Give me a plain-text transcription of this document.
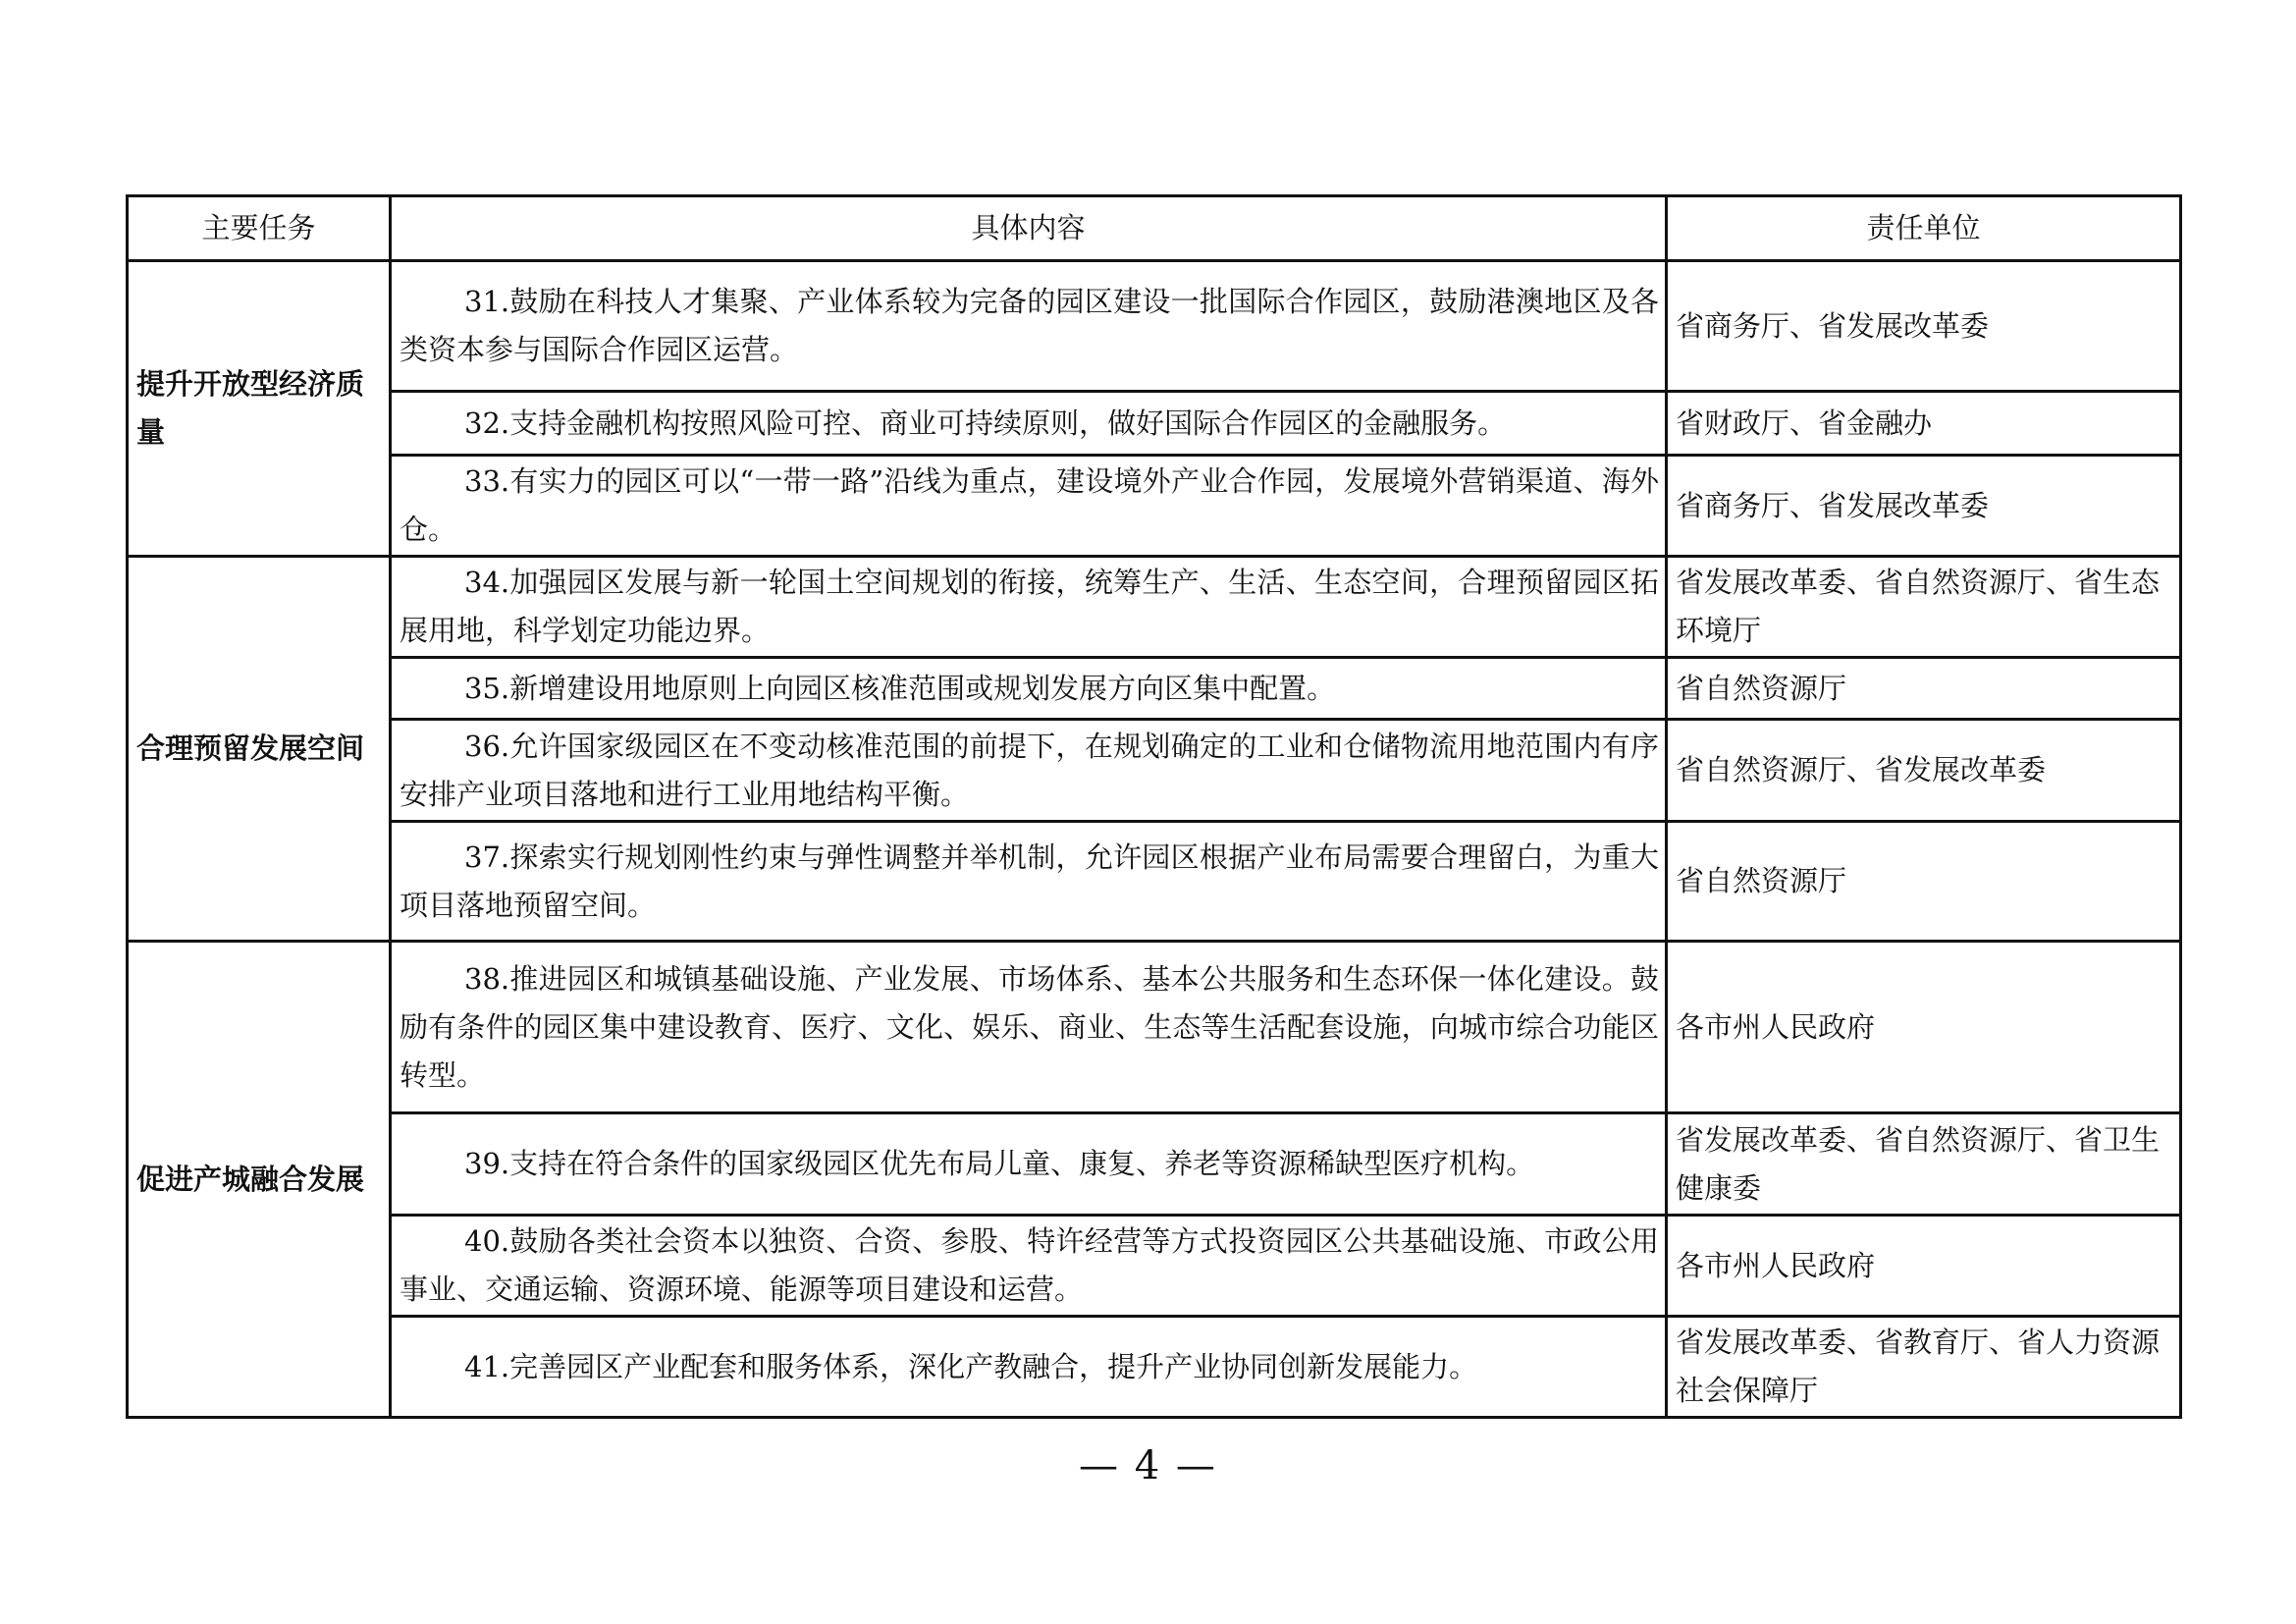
主要任务	具体内容	责任单位
提升开放型经济质量	31.鼓励在科技人才集聚、产业体系较为完备的园区建设一批国际合作园区，鼓励港澳地区及各类资本参与国际合作园区运营。	省商务厅、省发展改革委
	32.支持金融机构按照风险可控、商业可持续原则，做好国际合作园区的金融服务。	省财政厅、省金融办
	33.有实力的园区可以“一带一路”沿线为重点，建设境外产业合作园，发展境外营销渠道、海外仓。	省商务厅、省发展改革委
合理预留发展空间	34.加强园区发展与新一轮国土空间规划的衔接，统筹生产、生活、生态空间，合理预留园区拓展用地，科学划定功能边界。	省发展改革委、省自然资源厅、省生态环境厅
	35.新增建设用地原则上向园区核准范围或规划发展方向区集中配置。	省自然资源厅
	36.允许国家级园区在不变动核准范围的前提下，在规划确定的工业和仓储物流用地范围内有序安排产业项目落地和进行工业用地结构平衡。	省自然资源厅、省发展改革委
	37.探索实行规划刚性约束与弹性调整并举机制，允许园区根据产业布局需要合理留白，为重大项目落地预留空间。	省自然资源厅
促进产城融合发展	38.推进园区和城镇基础设施、产业发展、市场体系、基本公共服务和生态环保一体化建设。鼓励有条件的园区集中建设教育、医疗、文化、娱乐、商业、生态等生活配套设施，向城市综合功能区转型。	各市州人民政府
	39.支持在符合条件的国家级园区优先布局儿童、康复、养老等资源稀缺型医疗机构。	省发展改革委、省自然资源厅、省卫生健康委
	40.鼓励各类社会资本以独资、合资、参股、特许经营等方式投资园区公共基础设施、市政公用事业、交通运输、资源环境、能源等项目建设和运营。	各市州人民政府
	41.完善园区产业配套和服务体系，深化产教融合，提升产业协同创新发展能力。	省发展改革委、省教育厅、省人力资源社会保障厅
— 4 —
